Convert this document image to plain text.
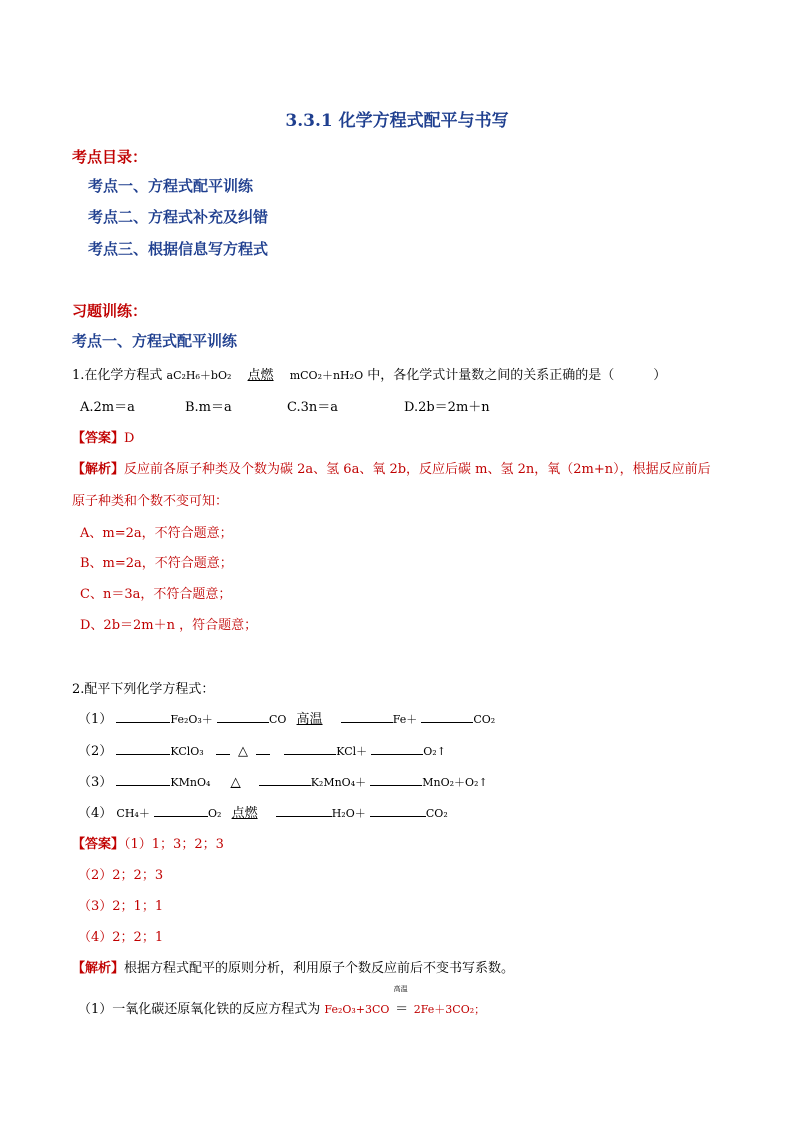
3.3.1 化学方程式配平与书写
考点目录：
考点一、方程式配平训练
考点二、方程式补充及纠错
考点三、根据信息写方程式
习题训练：
考点一、方程式配平训练
1.在化学方程式 aC₂H₆＋bO₂ 点燃 mCO₂＋nH₂O 中，各化学式计量数之间的关系正确的是（　　　）
A.2m＝a	B.m＝a	C.3n＝a	D.2b＝2m＋n
【答案】D
【解析】反应前各原子种类及个数为碳 2a、氢 6a、氧 2b，反应后碳 m、氢 2n，氧（2m+n），根据反应前后
原子种类和个数不变可知：
A、m=2a，不符合题意；
B、m=2a，不符合题意；
C、n＝3a，不符合题意；
D、2b＝2m＋n ，符合题意；
2.配平下列化学方程式：
（1）	Fe₂O₃＋	CO 高温	Fe＋	CO₂
（2）	KClO₃	△	KCl＋	O₂↑
（3）	KMnO₄ △	K₂MnO₄＋	MnO₂＋O₂↑
（4） CH₄＋	O₂ 点燃	H₂O＋	CO₂
【答案】（1）1；3；2；3
（2）2；2；3
（3）2；1；1
（4）2；2；1
【解析】根据方程式配平的原则分析，利用原子个数反应前后不变书写系数。
（1）一氧化碳还原氧化铁的反应方程式为 Fe₂O₃+3CO
高温
＝ 2Fe＋3CO₂；
